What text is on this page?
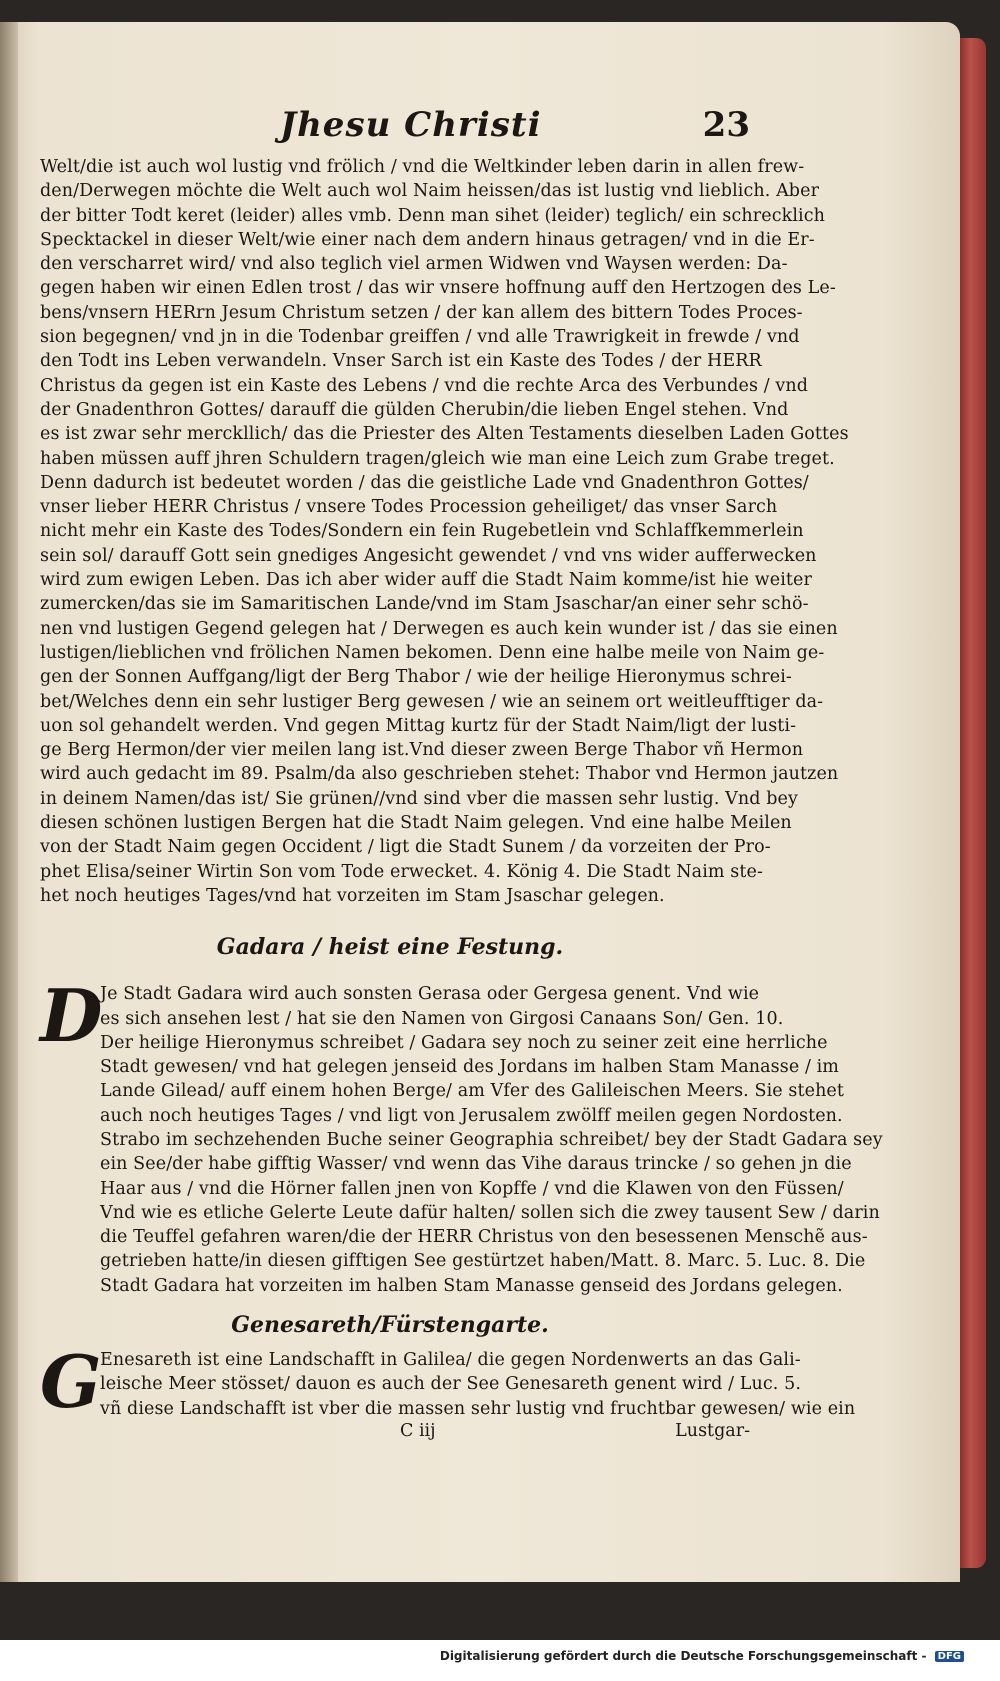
Jhesu Christi	23
Welt/die ist auch wol lustig vnd frölich / vnd die Weltkinder leben darin in allen frew-
den/Derwegen möchte die Welt auch wol Naim heissen/das ist lustig vnd lieblich. Aber
der bitter Todt keret (leider) alles vmb. Denn man sihet (leider) teglich/ ein schrecklich
Specktackel in dieser Welt/wie einer nach dem andern hinaus getragen/ vnd in die Er-
den verscharret wird/ vnd also teglich viel armen Widwen vnd Waysen werden: Da-
gegen haben wir einen Edlen trost / das wir vnsere hoffnung auff den Hertzogen des Le-
bens/vnsern HERrn Jesum Christum setzen / der kan allem des bittern Todes Proces-
sion begegnen/ vnd jn in die Todenbar greiffen / vnd alle Trawrigkeit in frewde / vnd
den Todt ins Leben verwandeln. Vnser Sarch ist ein Kaste des Todes / der HERR
Christus da gegen ist ein Kaste des Lebens / vnd die rechte Arca des Verbundes / vnd
der Gnadenthron Gottes/ darauff die gülden Cherubin/die lieben Engel stehen. Vnd
es ist zwar sehr merckllich/ das die Priester des Alten Testaments dieselben Laden Gottes
haben müssen auff jhren Schuldern tragen/gleich wie man eine Leich zum Grabe treget.
Denn dadurch ist bedeutet worden / das die geistliche Lade vnd Gnadenthron Gottes/
vnser lieber HERR Christus / vnsere Todes Procession geheiliget/ das vnser Sarch
nicht mehr ein Kaste des Todes/Sondern ein fein Rugebetlein vnd Schlaffkemmerlein
sein sol/ darauff Gott sein gnediges Angesicht gewendet / vnd vns wider aufferwecken
wird zum ewigen Leben. Das ich aber wider auff die Stadt Naim komme/ist hie weiter
zumercken/das sie im Samaritischen Lande/vnd im Stam Jsaschar/an einer sehr schö-
nen vnd lustigen Gegend gelegen hat / Derwegen es auch kein wunder ist / das sie einen
lustigen/lieblichen vnd frölichen Namen bekomen. Denn eine halbe meile von Naim ge-
gen der Sonnen Auffgang/ligt der Berg Thabor / wie der heilige Hieronymus schrei-
bet/Welches denn ein sehr lustiger Berg gewesen / wie an seinem ort weitleufftiger da-
uon sol gehandelt werden. Vnd gegen Mittag kurtz für der Stadt Naim/ligt der lusti-
ge Berg Hermon/der vier meilen lang ist.Vnd dieser zween Berge Thabor vñ Hermon
wird auch gedacht im 89. Psalm/da also geschrieben stehet: Thabor vnd Hermon jautzen
in deinem Namen/das ist/ Sie grünen//vnd sind vber die massen sehr lustig. Vnd bey
diesen schönen lustigen Bergen hat die Stadt Naim gelegen. Vnd eine halbe Meilen
von der Stadt Naim gegen Occident / ligt die Stadt Sunem / da vorzeiten der Pro-
phet Elisa/seiner Wirtin Son vom Tode erwecket. 4. König 4. Die Stadt Naim ste-
het noch heutiges Tages/vnd hat vorzeiten im Stam Jsaschar gelegen.
Gadara / heist eine Festung.
D
Je Stadt Gadara wird auch sonsten Gerasa oder Gergesa genent. Vnd wie
es sich ansehen lest / hat sie den Namen von Girgosi Canaans Son/ Gen. 10.
Der heilige Hieronymus schreibet / Gadara sey noch zu seiner zeit eine herrliche
Stadt gewesen/ vnd hat gelegen jenseid des Jordans im halben Stam Manasse / im
Lande Gilead/ auff einem hohen Berge/ am Vfer des Galileischen Meers. Sie stehet
auch noch heutiges Tages / vnd ligt von Jerusalem zwölff meilen gegen Nordosten.
Strabo im sechzehenden Buche seiner Geographia schreibet/ bey der Stadt Gadara sey
ein See/der habe gifftig Wasser/ vnd wenn das Vihe daraus trincke / so gehen jn die
Haar aus / vnd die Hörner fallen jnen von Kopffe / vnd die Klawen von den Füssen/
Vnd wie es etliche Gelerte Leute dafür halten/ sollen sich die zwey tausent Sew / darin
die Teuffel gefahren waren/die der HERR Christus von den besessenen Menschẽ aus-
getrieben hatte/in diesen gifftigen See gestürtzet haben/Matt. 8. Marc. 5. Luc. 8. Die
Stadt Gadara hat vorzeiten im halben Stam Manasse genseid des Jordans gelegen.
Genesareth/Fürstengarte.
G
Enesareth ist eine Landschafft in Galilea/ die gegen Nordenwerts an das Gali-
leische Meer stösset/ dauon es auch der See Genesareth genent wird / Luc. 5.
vñ diese Landschafft ist vber die massen sehr lustig vnd fruchtbar gewesen/ wie ein
C iij	Lustgar-
Digitalisierung gefördert durch die Deutsche Forschungsgemeinschaft - DFG
